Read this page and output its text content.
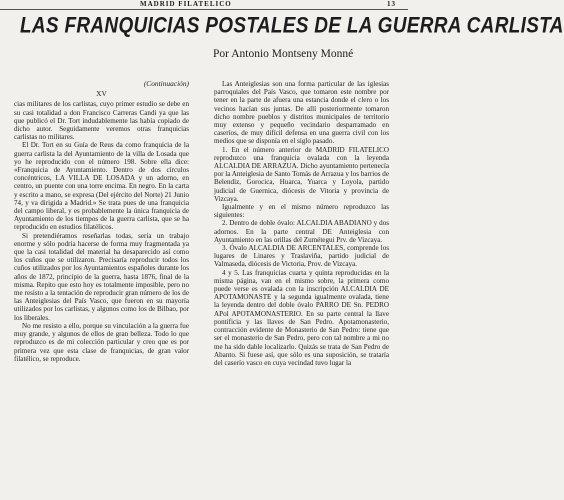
MADRID FILATELICO	13
LAS FRANQUICIAS POSTALES DE LA GUERRA CARLISTA
Por Antonio Montseny Monné

(Continuación)

XV

cias militares de los carlistas, cuyo primer estudio se debe en su casi totalidad a don Francisco Carreras Candi ya que las que publicó el Dr. Tort indudablemente las había copiado de dicho autor. Seguidamente veremos otras franquicias carlistas no militares.

El Dr. Tort en su Guía de Reus da como franquicia de la guerra carlista la del Ayuntamiento de la villa de Losada que yo he reproducido con el número 198. Sobre ella dice: «Franquicia de Ayuntamiento. Dentro de dos círculos concéntricos, LA VILLA DE LOSADA y un adorno, en centro, un puente con una torre encima. En negro. En la carta y escrito a mano, se expresa (Del ejército del Norte) 21 Junio 74, y va dirigida a Madrid.» Se trata pues de una franquicia del campo liberal, y es probablemente la única franquicia de Ayuntamiento de los tiempos de la guerra carlista, que se ha reproducido en estudios filatélicos.

Si pretendiéramos reseñarlas todas, sería un trabajo enorme y sólo podría hacerse de forma muy fragmentada ya que la casi totalidad del material ha desaparecido así como los cuños que se utilizaron. Precisaría reproducir todos los cuños utilizados por los Ayuntamientos españoles durante los años de 1872, principio de la guerra, hasta 1876, final de la misma. Repito que esto hoy es totalmente imposible, pero no me resisto a la tentación de reproducir gran número de los de las Anteiglesias del País Vasco, que fueron en su mayoría utilizados por los carlistas, y algunos como los de Bilbao, por los liberales.

No me resisto a ello, porque su vinculación a la guerra fue muy grande, y algunos de ellos de gran belleza. Todo lo que reproduzco es de mi colección particular y creo que es por primera vez que esta clase de franquicias, de gran valor filatélico, se reproduce.

Las Anteiglesias son una forma particular de las iglesias parroquiales del País Vasco, que tomaron este nombre por tener en la parte de afuera una estancia donde el clero o los vecinos hacían sus juntas. De allí posteriormente tomaron dicho nombre pueblos y distritos municipales de territorio muy extenso y pequeño vecindario desparramado en caseríos, de muy difícil defensa en una guerra civil con los medios que se disponía en el siglo pasado.

1. En el número anterior de MADRID FILATELICO reproduzco una franquicia ovalada con la leyenda ALCALDIA DE ARRAZUA. Dicho ayuntamiento pertenecía por la Anteiglesia de Santo Tomás de Arrazua y los barrios de Belendiz, Gorocica, Huarca, Yuarca y Loyola, partido judicial de Guernica, diócesis de Vitoria y provincia de Vizcaya.

Igualmente y en el mismo número reproduzco las siguientes:

2. Dentro de doble óvalo: ALCALDIA ABADIANO y dos adornos. En la parte central DE Anteiglesia con Ayuntamiento en las orillas del Zumétegui Prv. de Vizcaya.

3. Óvalo ALCALDIA DE ARCENTALES, comprende los lugares de Linares y Traslaviña, partido judicial de Valmaseda, diócesis de Victoria, Prov. de Vizcaya.

4 y 5. Las franquicias cuarta y quinta reproducidas en la misma página, van en el mismo sobre, la primera como puede verse es ovalada con la inscripción ALCALDIA DE APOTAMONASTE y la segunda igualmente ovalada, tiene la leyenda dentro del doble óvalo PARRO DE Sn. PEDRO APol APOTAMONASTERIO. En su parte central la llave pontificia y las llaves de San Pedro. Apotamonasterio, contracción evidente de Monasterio de San Pedro: tiene que ser el monasterio de San Pedro, pero con tal nombre a mi no me ha sido dable localizarlo. Quizás se trata de San Pedro de Abanto. Si fuese así, que sólo es una suposición, se trataría del caserío vasco en cuya vecindad tuvo lugar la
